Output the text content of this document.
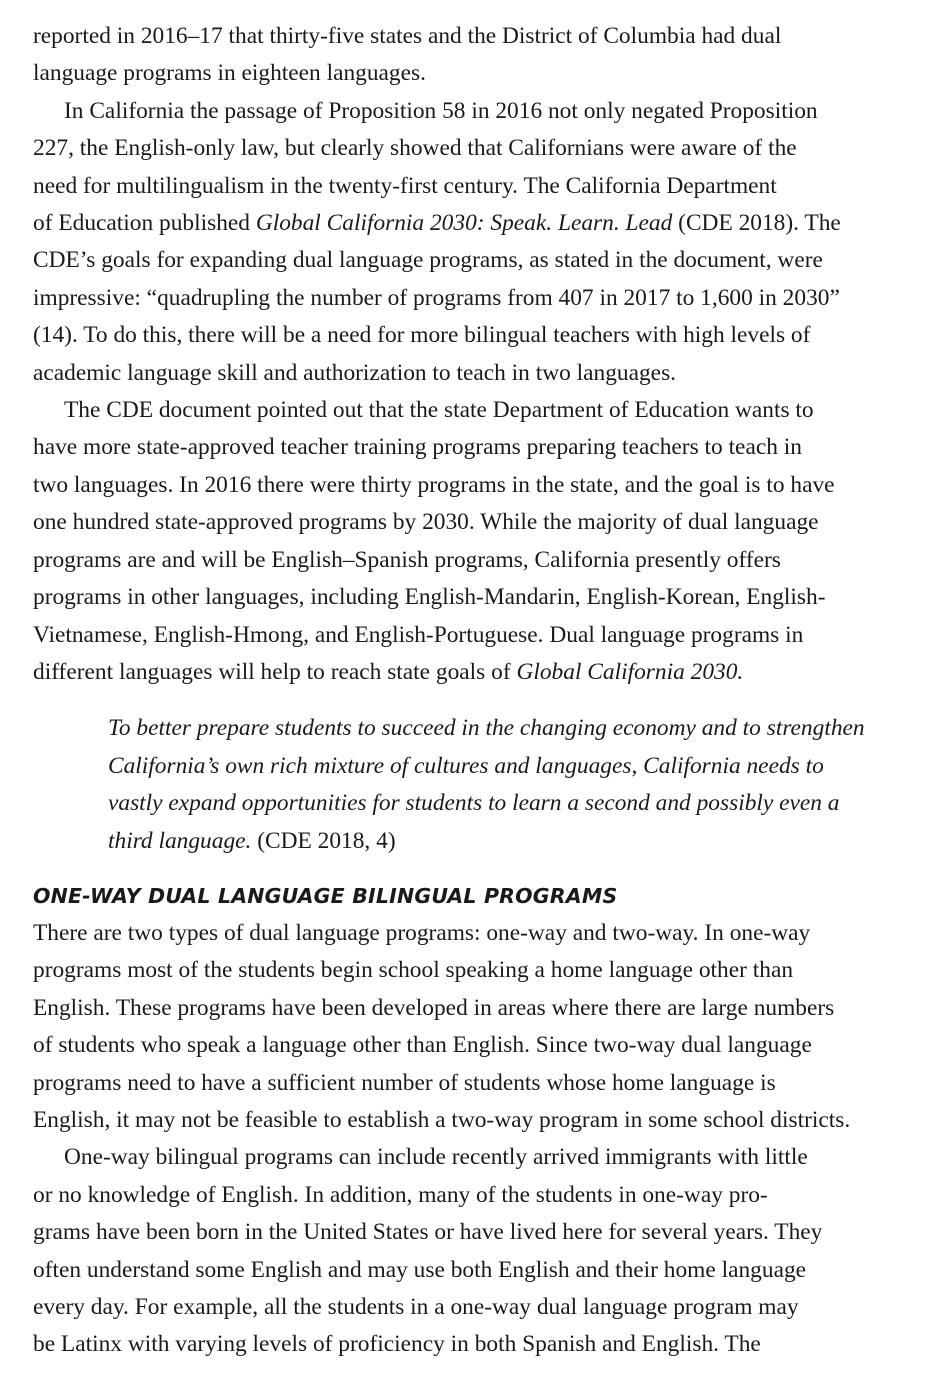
reported in 2016–17 that thirty-five states and the District of Columbia had dual
language programs in eighteen languages.
In California the passage of Proposition 58 in 2016 not only negated Proposition
227, the English-only law, but clearly showed that Californians were aware of the
need for multilingualism in the twenty-first century. The California Department
of Education published Global California 2030: Speak. Learn. Lead (CDE 2018). The
CDE’s goals for expanding dual language programs, as stated in the document, were
impressive: “quadrupling the number of programs from 407 in 2017 to 1,600 in 2030”
(14). To do this, there will be a need for more bilingual teachers with high levels of
academic language skill and authorization to teach in two languages.
The CDE document pointed out that the state Department of Education wants to
have more state-approved teacher training programs preparing teachers to teach in
two languages. In 2016 there were thirty programs in the state, and the goal is to have
one hundred state-approved programs by 2030. While the majority of dual language
programs are and will be English–Spanish programs, California presently offers
programs in other languages, including English-Mandarin, English-Korean, English-
Vietnamese, English-Hmong, and English-Portuguese. Dual language programs in
different languages will help to reach state goals of Global California 2030.
To better prepare students to succeed in the changing economy and to strengthen
California’s own rich mixture of cultures and languages, California needs to
vastly expand opportunities for students to learn a second and possibly even a
third language. (CDE 2018, 4)
ONE-WAY DUAL LANGUAGE BILINGUAL PROGRAMS
There are two types of dual language programs: one-way and two-way. In one-way
programs most of the students begin school speaking a home language other than
English. These programs have been developed in areas where there are large numbers
of students who speak a language other than English. Since two-way dual language
programs need to have a sufficient number of students whose home language is
English, it may not be feasible to establish a two-way program in some school districts.
One-way bilingual programs can include recently arrived immigrants with little
or no knowledge of English. In addition, many of the students in one-way pro-
grams have been born in the United States or have lived here for several years. They
often understand some English and may use both English and their home language
every day. For example, all the students in a one-way dual language program may
be Latinx with varying levels of proficiency in both Spanish and English. The
